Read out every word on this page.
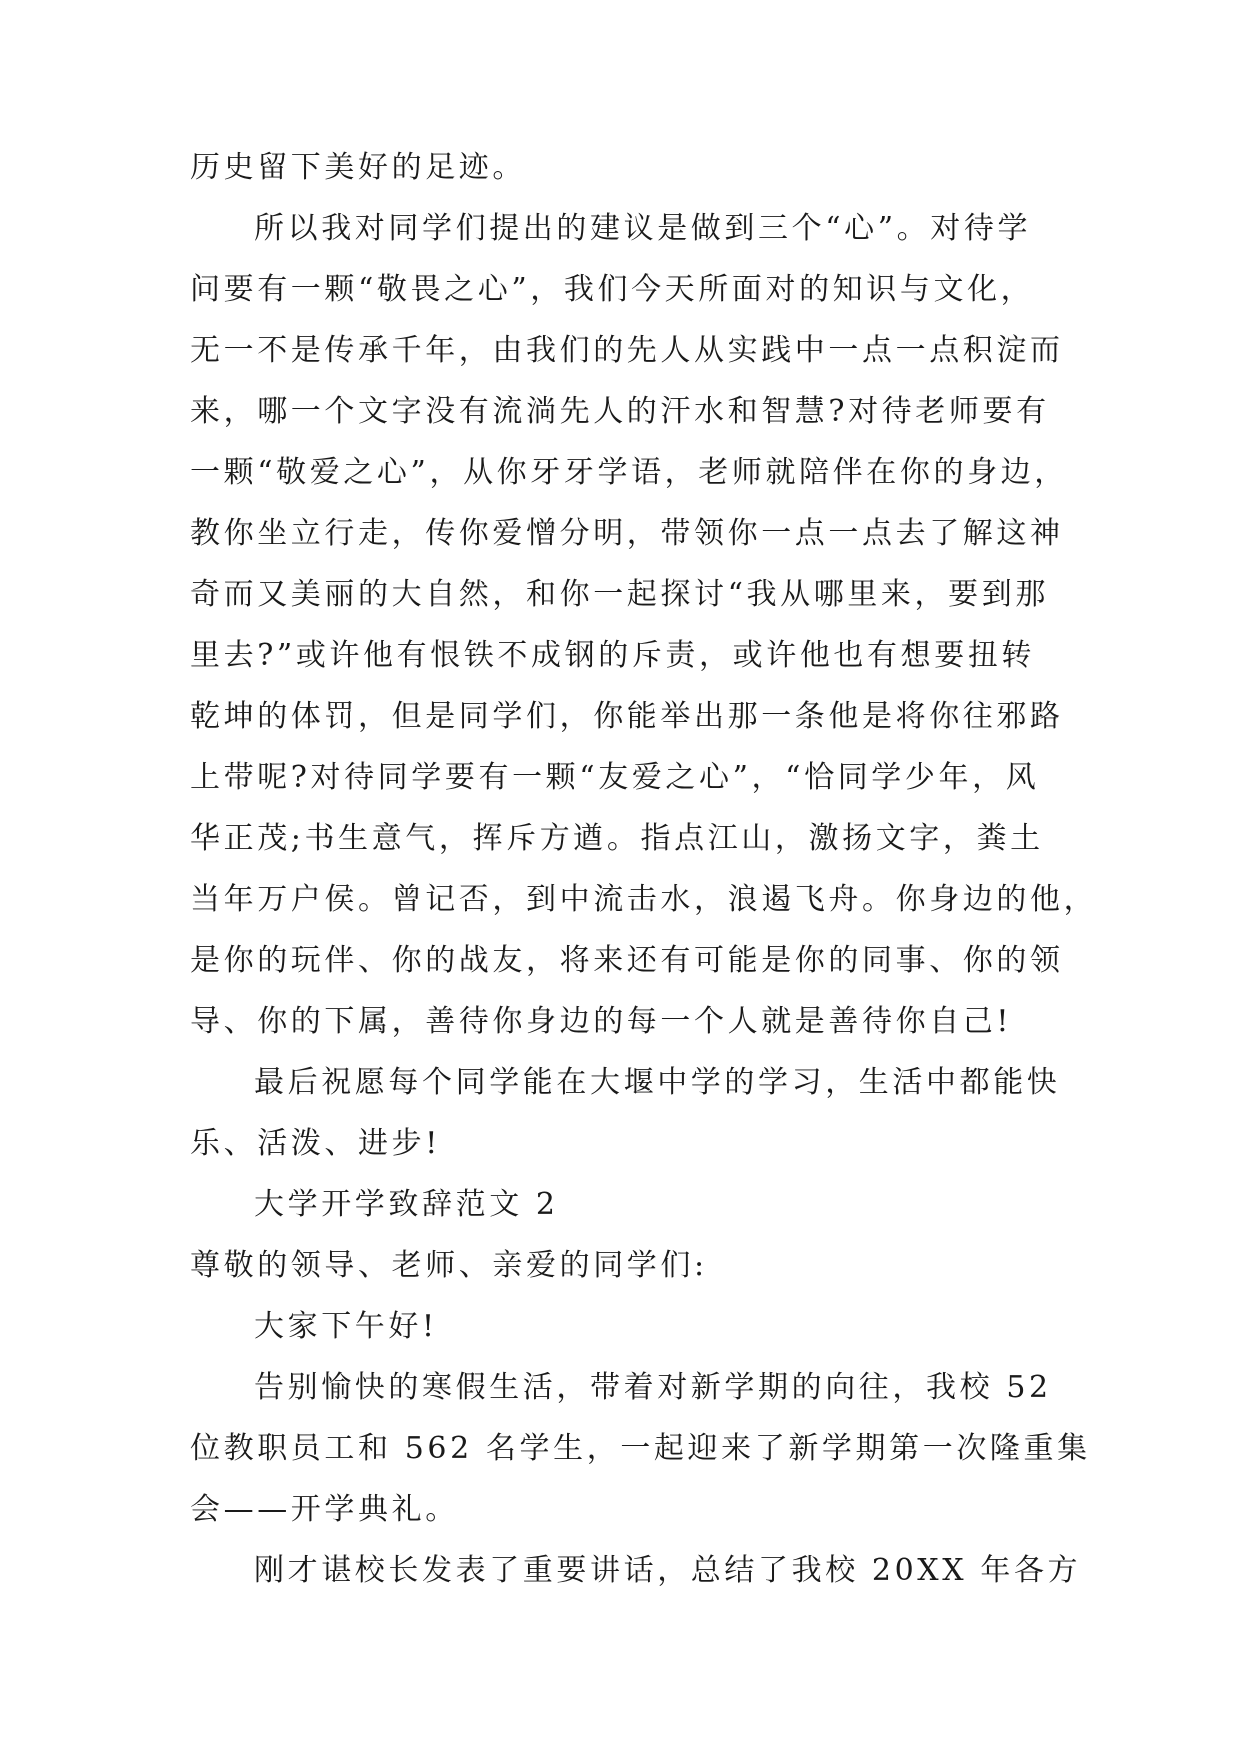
历史留下美好的足迹。
所以我对同学们提出的建议是做到三个“心”。对待学
问要有一颗“敬畏之心”，我们今天所面对的知识与文化，
无一不是传承千年，由我们的先人从实践中一点一点积淀而
来，哪一个文字没有流淌先人的汗水和智慧?对待老师要有
一颗“敬爱之心”，从你牙牙学语，老师就陪伴在你的身边，
教你坐立行走，传你爱憎分明，带领你一点一点去了解这神
奇而又美丽的大自然，和你一起探讨“我从哪里来，要到那
里去?”或许他有恨铁不成钢的斥责，或许他也有想要扭转
乾坤的体罚，但是同学们，你能举出那一条他是将你往邪路
上带呢?对待同学要有一颗“友爱之心”，“恰同学少年，风
华正茂;书生意气，挥斥方遒。指点江山，激扬文字，粪土
当年万户侯。曾记否，到中流击水，浪遏飞舟。你身边的他，
是你的玩伴、你的战友，将来还有可能是你的同事、你的领
导、你的下属，善待你身边的每一个人就是善待你自己!
最后祝愿每个同学能在大堰中学的学习，生活中都能快
乐、活泼、进步!
大学开学致辞范文 2
尊敬的领导、老师、亲爱的同学们:
大家下午好!
告别愉快的寒假生活，带着对新学期的向往，我校 52
位教职员工和 562 名学生，一起迎来了新学期第一次隆重集
会——开学典礼。
刚才谌校长发表了重要讲话，总结了我校 20XX 年各方
